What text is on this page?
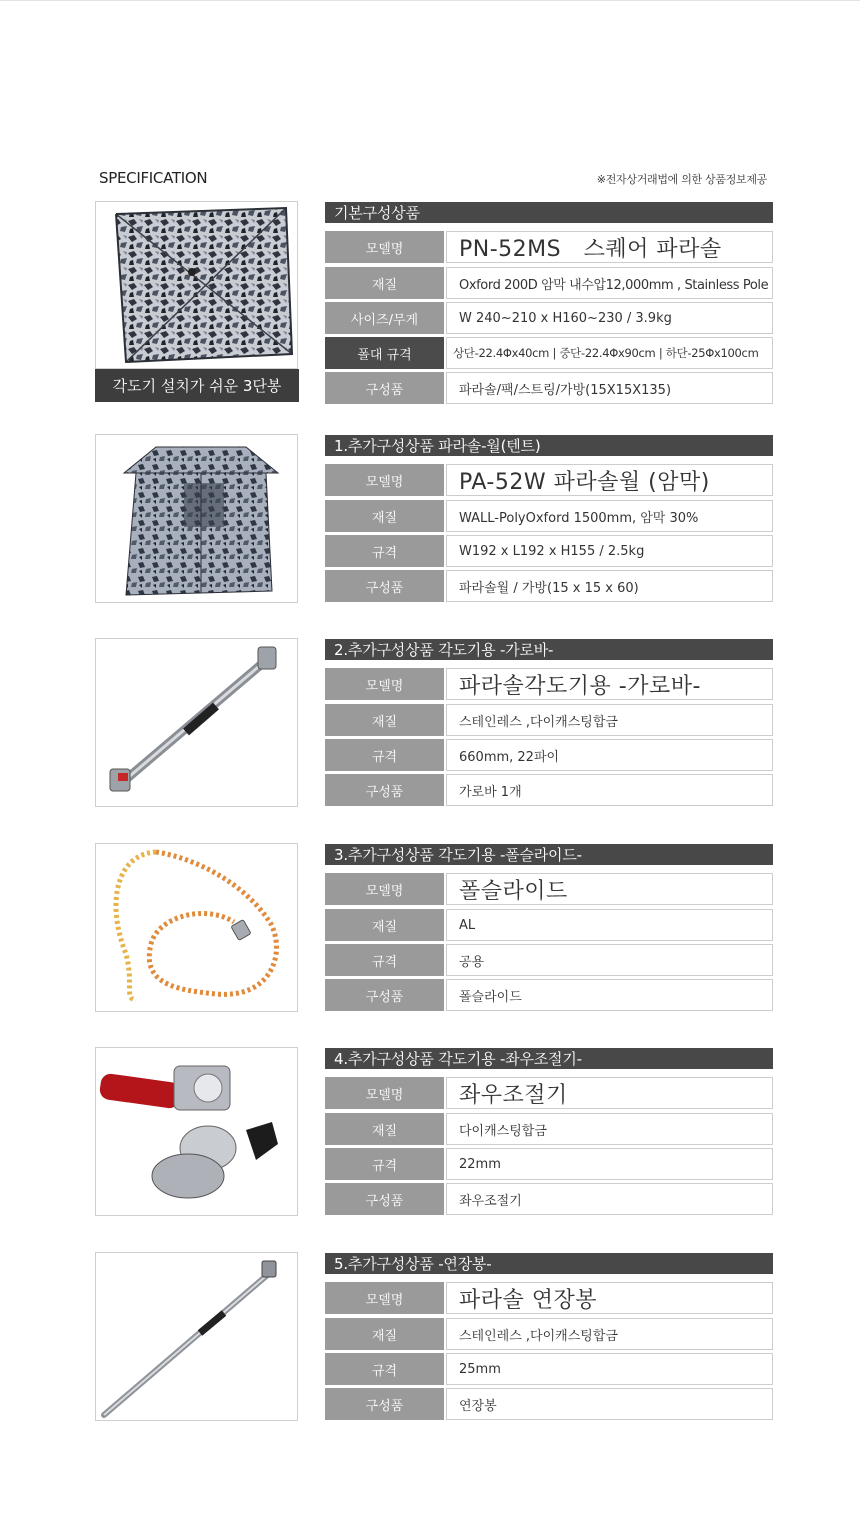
SPECIFICATION	※전자상거래법에 의한 상품정보제공
각도기 설치가 쉬운 3단봉
기본구성상품
모델명	PN-52MS   스퀘어 파라솔
재질	Oxford 200D 암막 내수압12,000mm , Stainless Pole
사이즈/무게	W 240~210 x H160~230 / 3.9kg
폴대 규격	상단-22.4Φx40cm | 중단-22.4Φx90cm | 하단-25Φx100cm
구성품	파라솔/팩/스트링/가방(15X15X135)
1.추가구성상품 파라솔-월(텐트)
모델명	PA-52W 파라솔월 (암막)
재질	WALL-PolyOxford 1500mm, 암막 30%
규격	W192 x L192 x H155 / 2.5kg
구성품	파라솔월 / 가방(15 x 15 x 60)
2.추가구성상품 각도기용 -가로바-
모델명	파라솔각도기용 -가로바-
재질	스테인레스 ,다이캐스팅합금
규격	660mm, 22파이
구성품	가로바 1개
3.추가구성상품 각도기용 -폴슬라이드-
모델명	폴슬라이드
재질	AL
규격	공용
구성품	폴슬라이드
4.추가구성상품 각도기용 -좌우조절기-
모델명	좌우조절기
재질	다이캐스팅합금
규격	22mm
구성품	좌우조절기
5.추가구성상품 -연장봉-
모델명	파라솔 연장봉
재질	스테인레스 ,다이캐스팅합금
규격	25mm
구성품	연장봉
